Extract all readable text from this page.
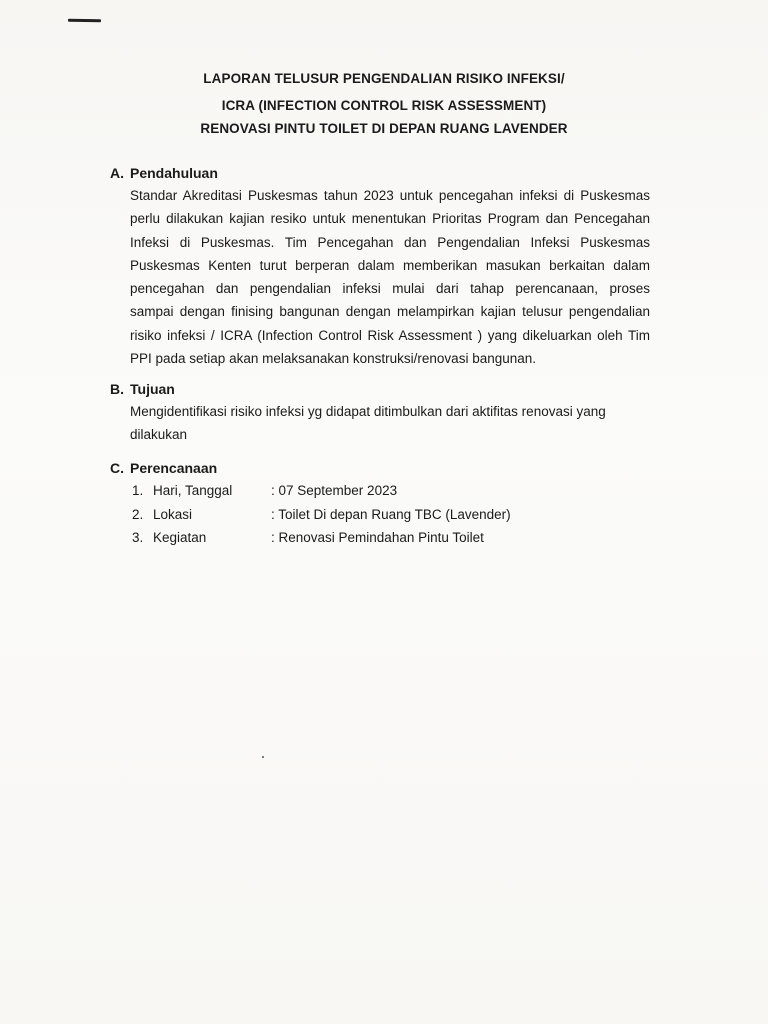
LAPORAN TELUSUR PENGENDALIAN RISIKO INFEKSI/
ICRA (INFECTION CONTROL RISK ASSESSMENT)
RENOVASI PINTU TOILET DI DEPAN RUANG LAVENDER
A. Pendahuluan
Standar Akreditasi Puskesmas tahun 2023 untuk pencegahan infeksi di Puskesmas
perlu dilakukan kajian resiko untuk menentukan Prioritas Program dan Pencegahan
Infeksi di Puskesmas. Tim Pencegahan dan Pengendalian Infeksi Puskesmas
Puskesmas Kenten turut berperan dalam memberikan masukan berkaitan dalam
pencegahan dan pengendalian infeksi mulai dari tahap perencanaan, proses
sampai dengan finising bangunan dengan melampirkan kajian telusur pengendalian
risiko infeksi / ICRA (Infection Control Risk Assessment ) yang dikeluarkan oleh Tim
PPI pada setiap akan melaksanakan konstruksi/renovasi bangunan.
B. Tujuan
Mengidentifikasi risiko infeksi yg didapat ditimbulkan dari aktifitas renovasi yang
dilakukan
C. Perencanaan
1. Hari, Tanggal	: 07 September 2023
2. Lokasi	: Toilet Di depan Ruang TBC (Lavender)
3. Kegiatan	: Renovasi Pemindahan Pintu Toilet
